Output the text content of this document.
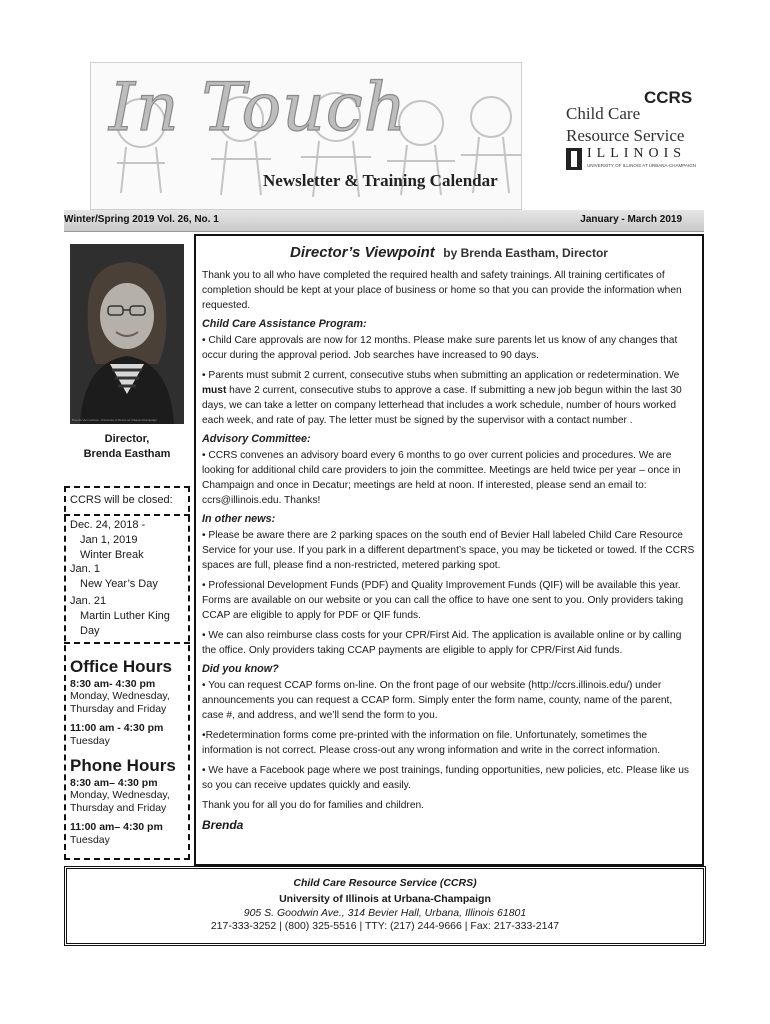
In Touch
Newsletter & Training Calendar
CCRS
Child Care
Resource Service
ILLINOIS
UNIVERSITY OF ILLINOIS AT URBANA-CHAMPAIGN
Winter/Spring 2019 Vol. 26, No. 1	January - March 2019
Brenda Van Gorkom, University of Illinois at Urbana-Champaign
Director,
Brenda Eastham
CCRS will be closed:
Dec. 24, 2018 -
Jan 1, 2019
Winter Break
Jan. 1
New Year’s Day
Jan. 21
Martin Luther King
Day
Office Hours
8:30 am- 4:30 pm
Monday, Wednesday,
Thursday and Friday
11:00 am - 4:30 pm
Tuesday
Phone Hours
8:30 am– 4:30 pm
Monday, Wednesday,
Thursday and Friday
11:00 am– 4:30 pm
Tuesday
Director’s Viewpoint by Brenda Eastham, Director

Thank you to all who have completed the required health and safety trainings. All training certificates of completion should be kept at your place of business or home so that you can provide the information when requested.

Child Care Assistance Program:

• Child Care approvals are now for 12 months. Please make sure parents let us know of any changes that occur during the approval period. Job searches have increased to 90 days.

• Parents must submit 2 current, consecutive stubs when submitting an application or redetermination. We must have 2 current, consecutive stubs to approve a case. If submitting a new job begun within the last 30 days, we can take a letter on company letterhead that includes a work schedule, number of hours worked each week, and rate of pay. The letter must be signed by the supervisor with a contact number .

Advisory Committee:

• CCRS convenes an advisory board every 6 months to go over current policies and procedures. We are looking for additional child care providers to join the committee. Meetings are held twice per year – once in Champaign and once in Decatur; meetings are held at noon. If interested, please send an email to: ccrs@illinois.edu. Thanks!

In other news:

• Please be aware there are 2 parking spaces on the south end of Bevier Hall labeled Child Care Resource Service for your use. If you park in a different department’s space, you may be ticketed or towed. If the CCRS spaces are full, please find a non-restricted, metered parking spot.

• Professional Development Funds (PDF) and Quality Improvement Funds (QIF) will be available this year. Forms are available on our website or you can call the office to have one sent to you. Only providers taking CCAP are eligible to apply for PDF or QIF funds.

• We can also reimburse class costs for your CPR/First Aid. The application is available online or by calling the office. Only providers taking CCAP payments are eligible to apply for CPR/First Aid funds.

Did you know?

• You can request CCAP forms on-line. On the front page of our website (http://ccrs.illinois.edu/) under announcements you can request a CCAP form. Simply enter the form name, county, name of the parent, case #, and address, and we’ll send the form to you.

•Redetermination forms come pre-printed with the information on file. Unfortunately, sometimes the information is not correct. Please cross-out any wrong information and write in the correct information.

• We have a Facebook page where we post trainings, funding opportunities, new policies, etc. Please like us so you can receive updates quickly and easily.

Thank you for all you do for families and children.

Brenda
Child Care Resource Service (CCRS)
University of Illinois at Urbana-Champaign
905 S. Goodwin Ave., 314 Bevier Hall, Urbana, Illinois 61801
217-333-3252 | (800) 325-5516 | TTY: (217) 244-9666 | Fax: 217-333-2147
